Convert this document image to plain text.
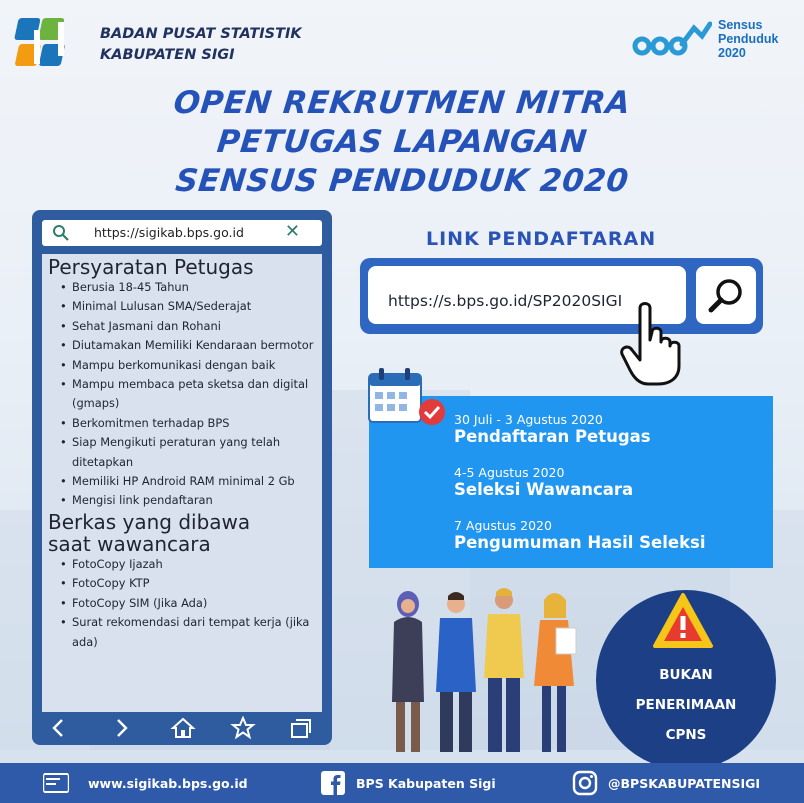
BADAN PUSAT STATISTIK
KABUPATEN SIGI
Sensus
Penduduk
2020
OPEN REKRUTMEN MITRA
PETUGAS LAPANGAN
SENSUS PENDUDUK 2020
https://sigikab.bps.go.id ✕
Persyaratan Petugas
• Berusia 18-45 Tahun
• Minimal Lulusan SMA/Sederajat
• Sehat Jasmani dan Rohani
• Diutamakan Memiliki Kendaraan bermotor
• Mampu berkomunikasi dengan baik
• Mampu membaca peta sketsa dan digital (gmaps)
• Berkomitmen terhadap BPS
• Siap Mengikuti peraturan yang telah ditetapkan
• Memiliki HP Android RAM minimal 2 Gb
• Mengisi link pendaftaran
Berkas yang dibawa
saat wawancara
• FotoCopy Ijazah
• FotoCopy KTP
• FotoCopy SIM (Jika Ada)
• Surat rekomendasi dari tempat kerja (jika ada)
LINK PENDAFTARAN
https://s.bps.go.id/SP2020SIGI
30 Juli - 3 Agustus 2020
Pendaftaran Petugas
4-5 Agustus 2020
Seleksi Wawancara
7 Agustus 2020
Pengumuman Hasil Seleksi
BUKAN
PENERIMAAN
CPNS
www.sigikab.bps.go.id	BPS Kabupaten Sigi	@BPSKABUPATENSIGI
